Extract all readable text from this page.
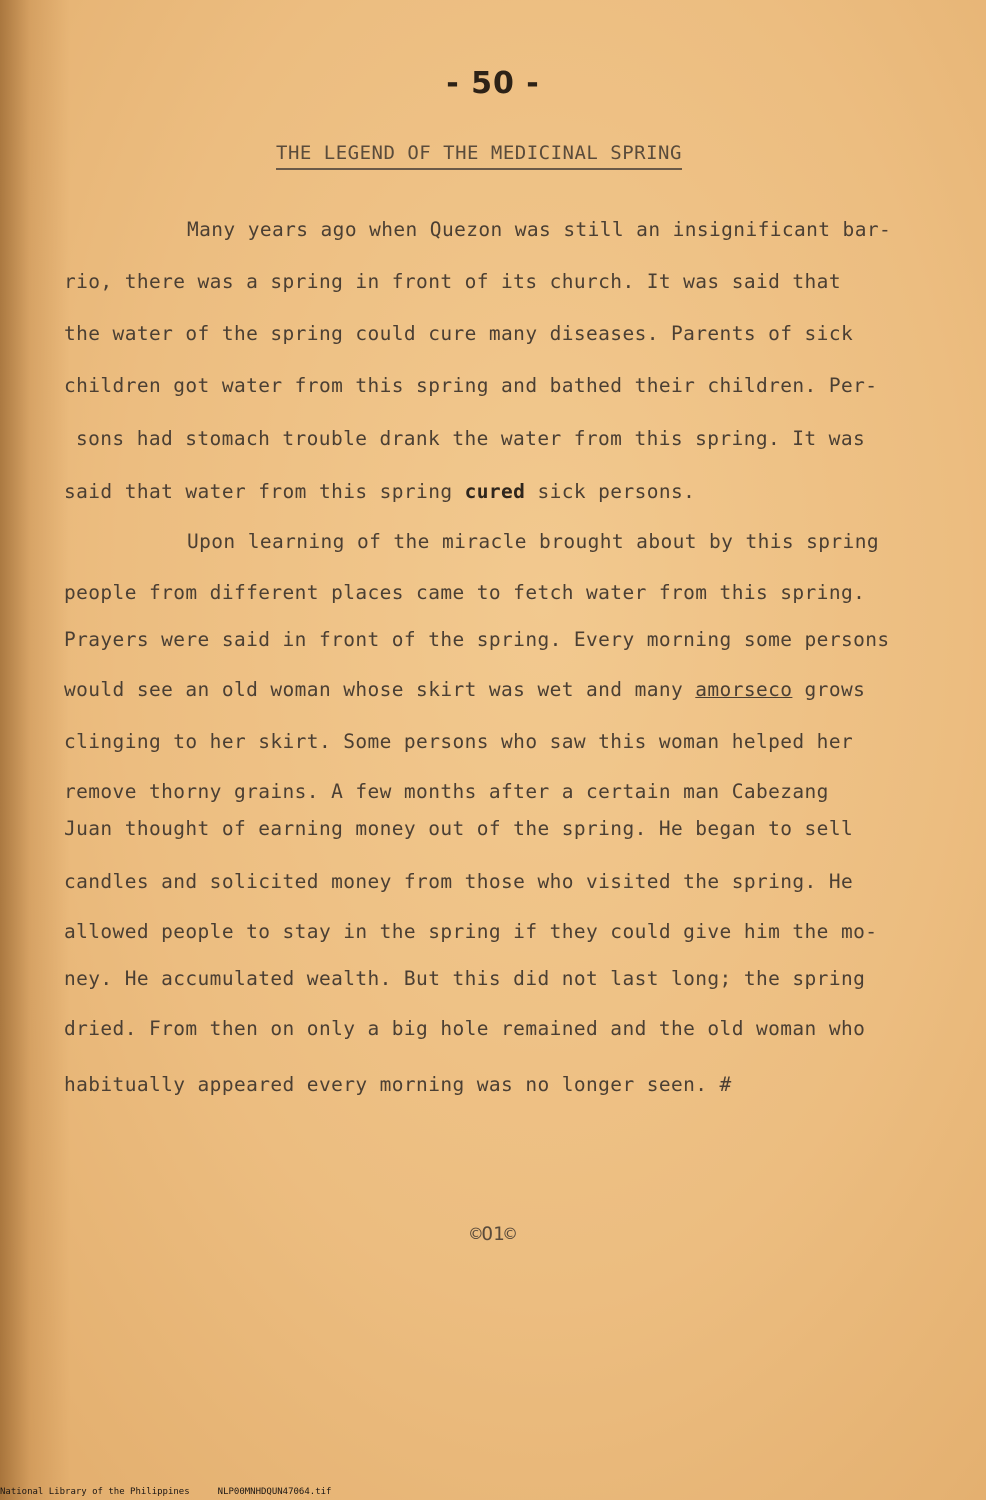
- 50 -
THE LEGEND OF THE MEDICINAL SPRING
Many years ago when Quezon was still an insignificant bar-
rio, there was a spring in front of its church. It was said that
the water of the spring could cure many diseases. Parents of sick
children got water from this spring and bathed their children. Per-
sons had stomach trouble drank the water from this spring. It was
said that water from this spring cured sick persons.
Upon learning of the miracle brought about by this spring
people from different places came to fetch water from this spring.
Prayers were said in front of the spring. Every morning some persons
would see an old woman whose skirt was wet and many amorseco grows
clinging to her skirt. Some persons who saw this woman helped her
remove thorny grains. A few months after a certain man Cabezang
Juan thought of earning money out of the spring. He began to sell
candles and solicited money from those who visited the spring. He
allowed people to stay in the spring if they could give him the mo-
ney. He accumulated wealth. But this did not last long; the spring
dried. From then on only a big hole remained and the old woman who
habitually appeared every morning was no longer seen. #
©O1©
National Library of the Philippines	NLP00MNHDQUN47064.tif
